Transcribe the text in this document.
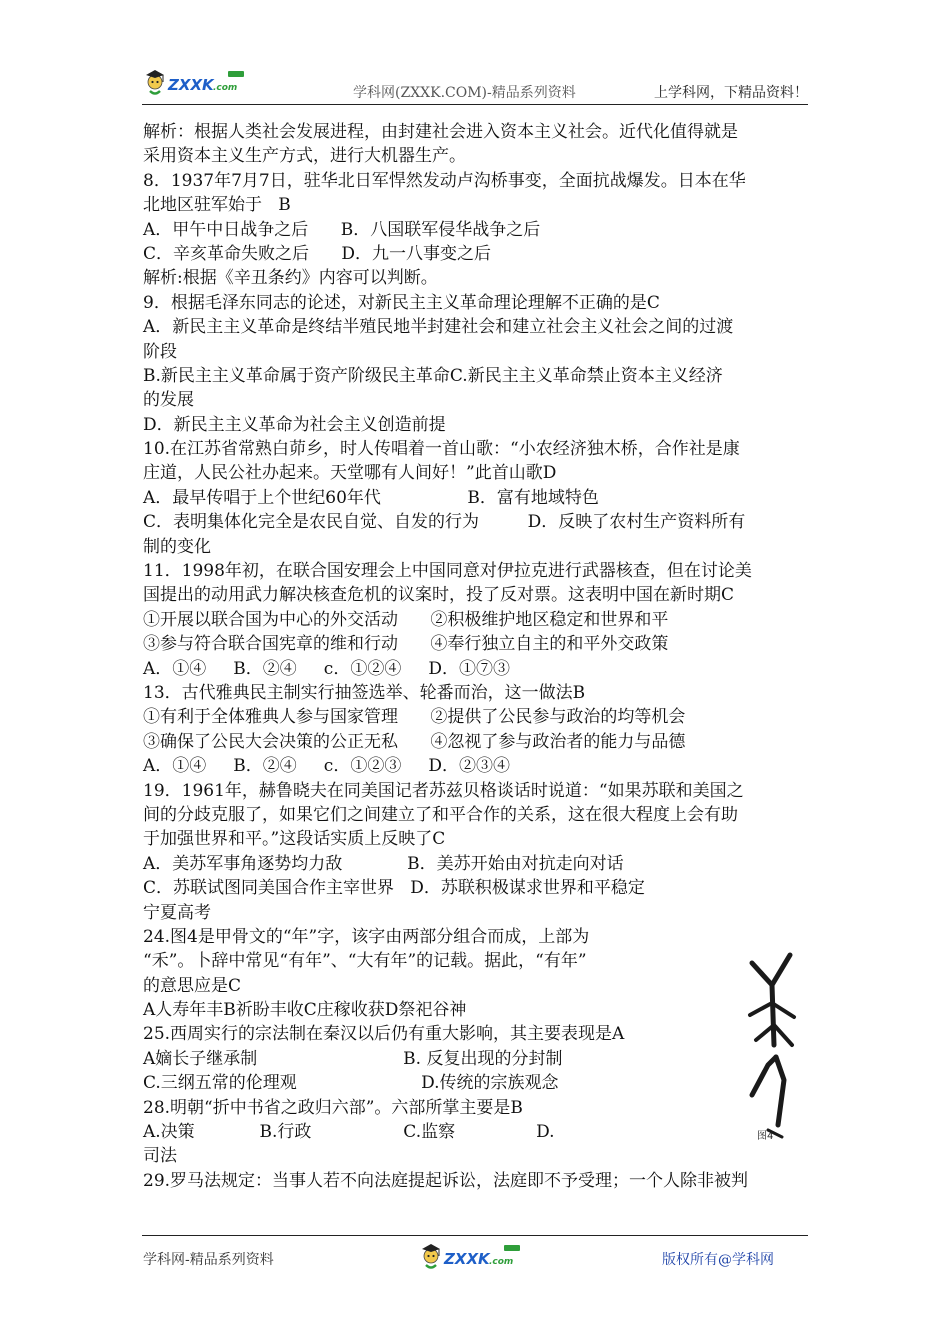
ZXXK .com	学科网(ZXXK.COM)-精品系列资料	上学科网，下精品资料！
解析：根据人类社会发展进程，由封建社会进入资本主义社会。近代化值得就是
采用资本主义生产方式，进行大机器生产。
8．1937年7月7日，驻华北日军悍然发动卢沟桥事变，全面抗战爆发。日本在华
北地区驻军始于   B
A．甲午中日战争之后      B．八国联军侵华战争之后
C．辛亥革命失败之后      D．九一八事变之后
解析:根据《辛丑条约》内容可以判断。
9．根据毛泽东同志的论述，对新民主主义革命理论理解不正确的是C
A．新民主主义革命是终结半殖民地半封建社会和建立社会主义社会之间的过渡
阶段
B.新民主主义革命属于资产阶级民主革命C.新民主主义革命禁止资本主义经济
的发展
D．新民主主义革命为社会主义创造前提
10.在江苏省常熟白茆乡，时人传唱着一首山歌：“小农经济独木桥，合作社是康
庄道，人民公社办起来。天堂哪有人间好！”此首山歌D
A．最早传唱于上个世纪60年代                B．富有地域特色
C．表明集体化完全是农民自觉、自发的行为         D．反映了农村生产资料所有
制的变化
11．1998年初，在联合国安理会上中国同意对伊拉克进行武器核查，但在讨论美
国提出的动用武力解决核查危机的议案时，投了反对票。这表明中国在新时期C
①开展以联合国为中心的外交活动      ②积极维护地区稳定和世界和平
③参与符合联合国宪章的维和行动      ④奉行独立自主的和平外交政策
A．①④     B．②④     c．①②④     D．①⑦③
13．古代雅典民主制实行抽签选举、轮番而治，这一做法B
①有利于全体雅典人参与国家管理      ②提供了公民参与政治的均等机会
③确保了公民大会决策的公正无私      ④忽视了参与政治者的能力与品德
A．①④     B．②④     c．①②③     D．②③④
19．1961年，赫鲁晓夫在同美国记者苏兹贝格谈话时说道：“如果苏联和美国之
间的分歧克服了，如果它们之间建立了和平合作的关系，这在很大程度上会有助
于加强世界和平。”这段话实质上反映了C
A．美苏军事角逐势均力敌            B．美苏开始由对抗走向对话
C．苏联试图同美国合作主宰世界   D．苏联积极谋求世界和平稳定
宁夏高考
24.图4是甲骨文的“年”字，该字由两部分组合而成，上部为
“禾”。卜辞中常见“有年”、“大有年”的记载。据此，“有年”
的意思应是C
A人寿年丰B祈盼丰收C庄稼收获D祭祀谷神
25.西周实行的宗法制在秦汉以后仍有重大影响，其主要表现是A
A嫡长子继承制                           B. 反复出现的分封制
C.三纲五常的伦理观                       D.传统的宗族观念
28.明朝“折中书省之政归六部”。六部所掌主要是B
A.决策            B.行政                 C.监察               D.
司法
29.罗马法规定：当事人若不向法庭提起诉讼，法庭即不予受理；一个人除非被判
图4
学科网-精品系列资料	ZXXK .com	版权所有@学科网
